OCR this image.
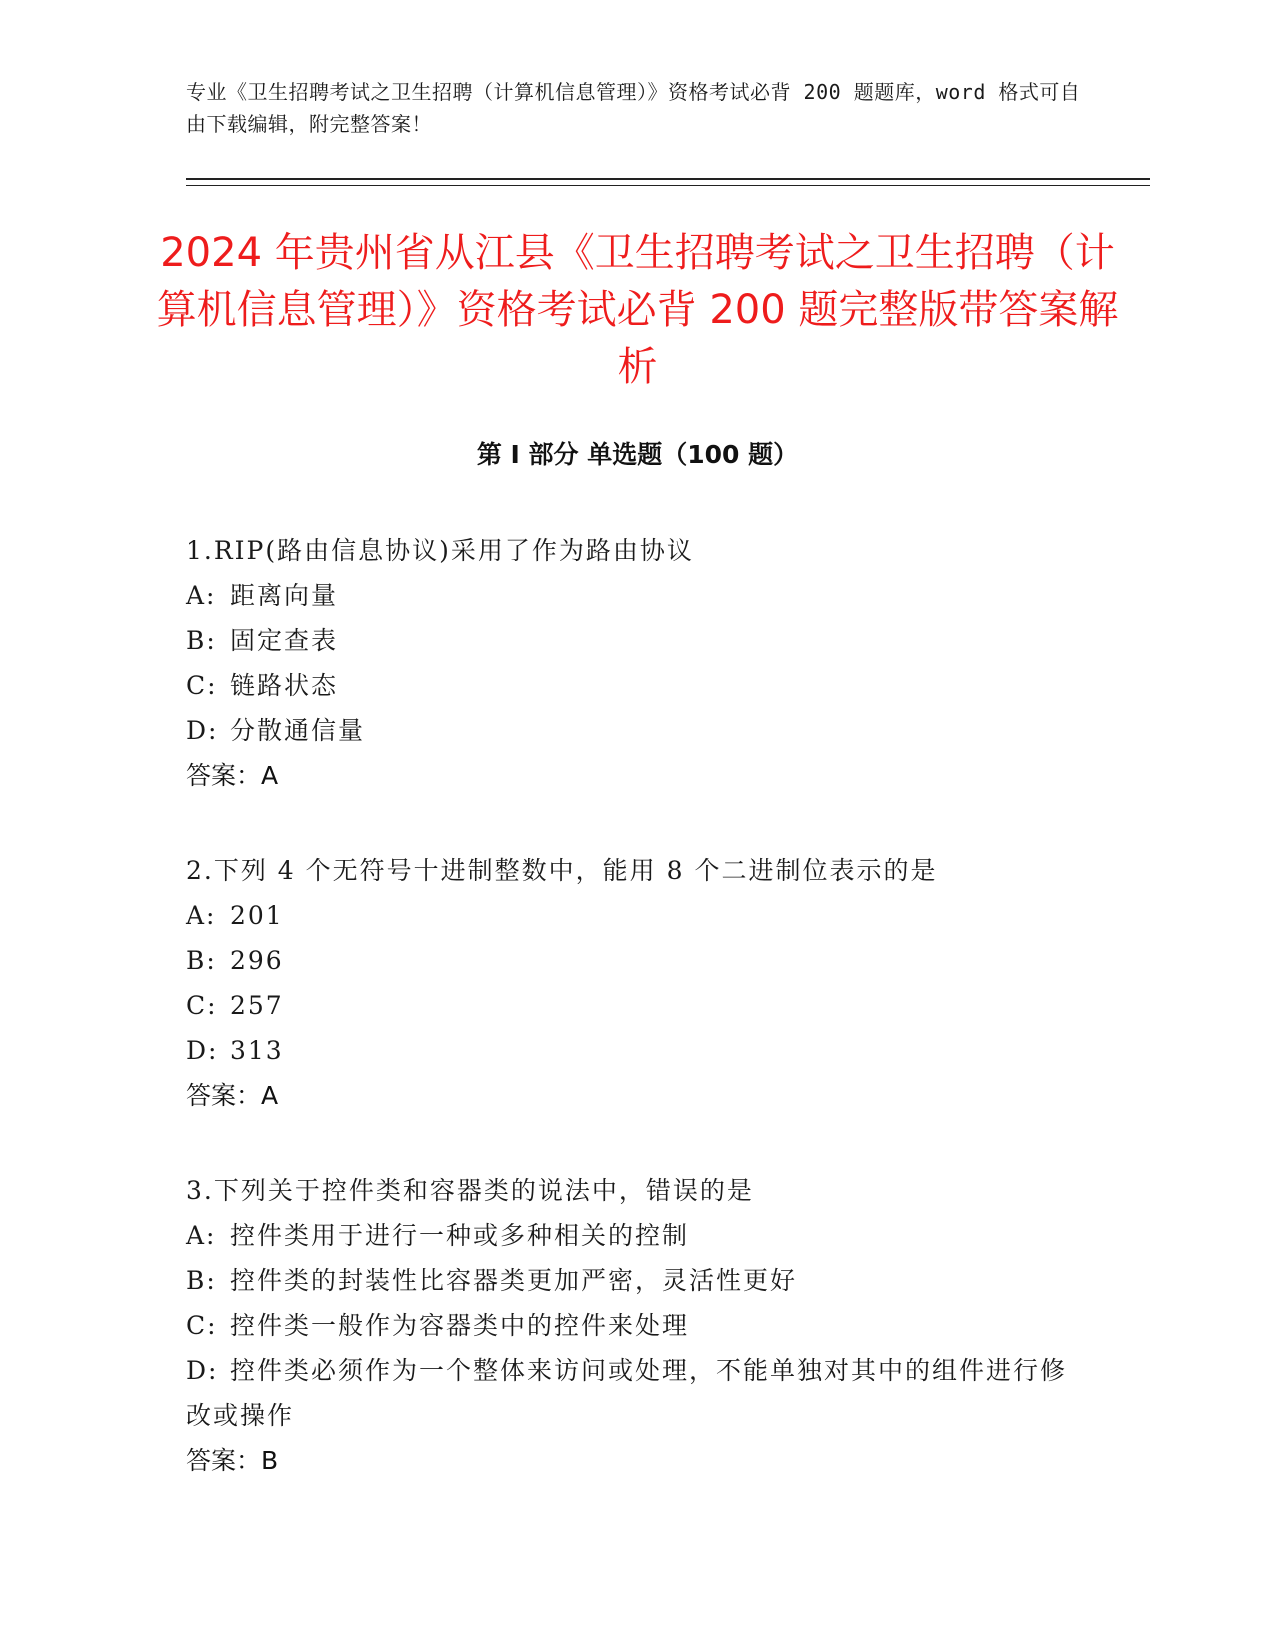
专业《卫生招聘考试之卫生招聘（计算机信息管理）》资格考试必背 200 题题库，word 格式可自由下载编辑，附完整答案！
2024 年贵州省从江县《卫生招聘考试之卫生招聘（计算机信息管理）》资格考试必背 200 题完整版带答案解析
第 I 部分 单选题（100 题）
1.RIP(路由信息协议)采用了作为路由协议
A: 距离向量
B: 固定查表
C: 链路状态
D: 分散通信量
答案：A
2.下列 4 个无符号十进制整数中，能用 8 个二进制位表示的是
A: 201
B: 296
C: 257
D: 313
答案：A
3.下列关于控件类和容器类的说法中，错误的是
A: 控件类用于进行一种或多种相关的控制
B: 控件类的封装性比容器类更加严密，灵活性更好
C: 控件类一般作为容器类中的控件来处理
D: 控件类必须作为一个整体来访问或处理，不能单独对其中的组件进行修改或操作
答案：B
